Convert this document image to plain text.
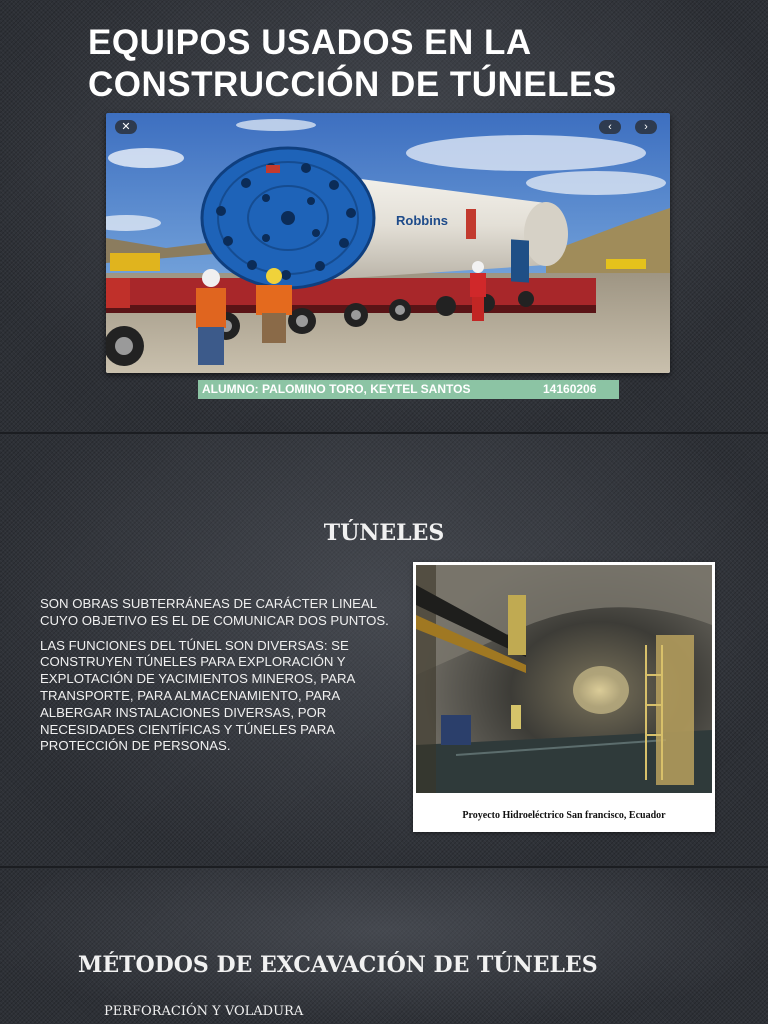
EQUIPOS USADOS EN LA CONSTRUCCIÓN DE TÚNELES
Robbins
✕	‹	›
ALUMNO: PALOMINO TORO, KEYTEL SANTOS	14160206
TÚNELES

SON OBRAS SUBTERRÁNEAS DE CARÁCTER LINEAL CUYO OBJETIVO ES EL DE COMUNICAR DOS PUNTOS.

LAS FUNCIONES DEL TÚNEL SON DIVERSAS: SE CONSTRUYEN TÚNELES PARA EXPLORACIÓN Y EXPLOTACIÓN DE YACIMIENTOS MINEROS, PARA TRANSPORTE, PARA ALMACENAMIENTO, PARA ALBERGAR INSTALACIONES DIVERSAS, POR NECESIDADES CIENTÍFICAS Y TÚNELES PARA PROTECCIÓN DE PERSONAS.

Proyecto Hidroeléctrico San francisco, Ecuador
MÉTODOS DE EXCAVACIÓN DE TÚNELES
PERFORACIÓN Y VOLADURA
